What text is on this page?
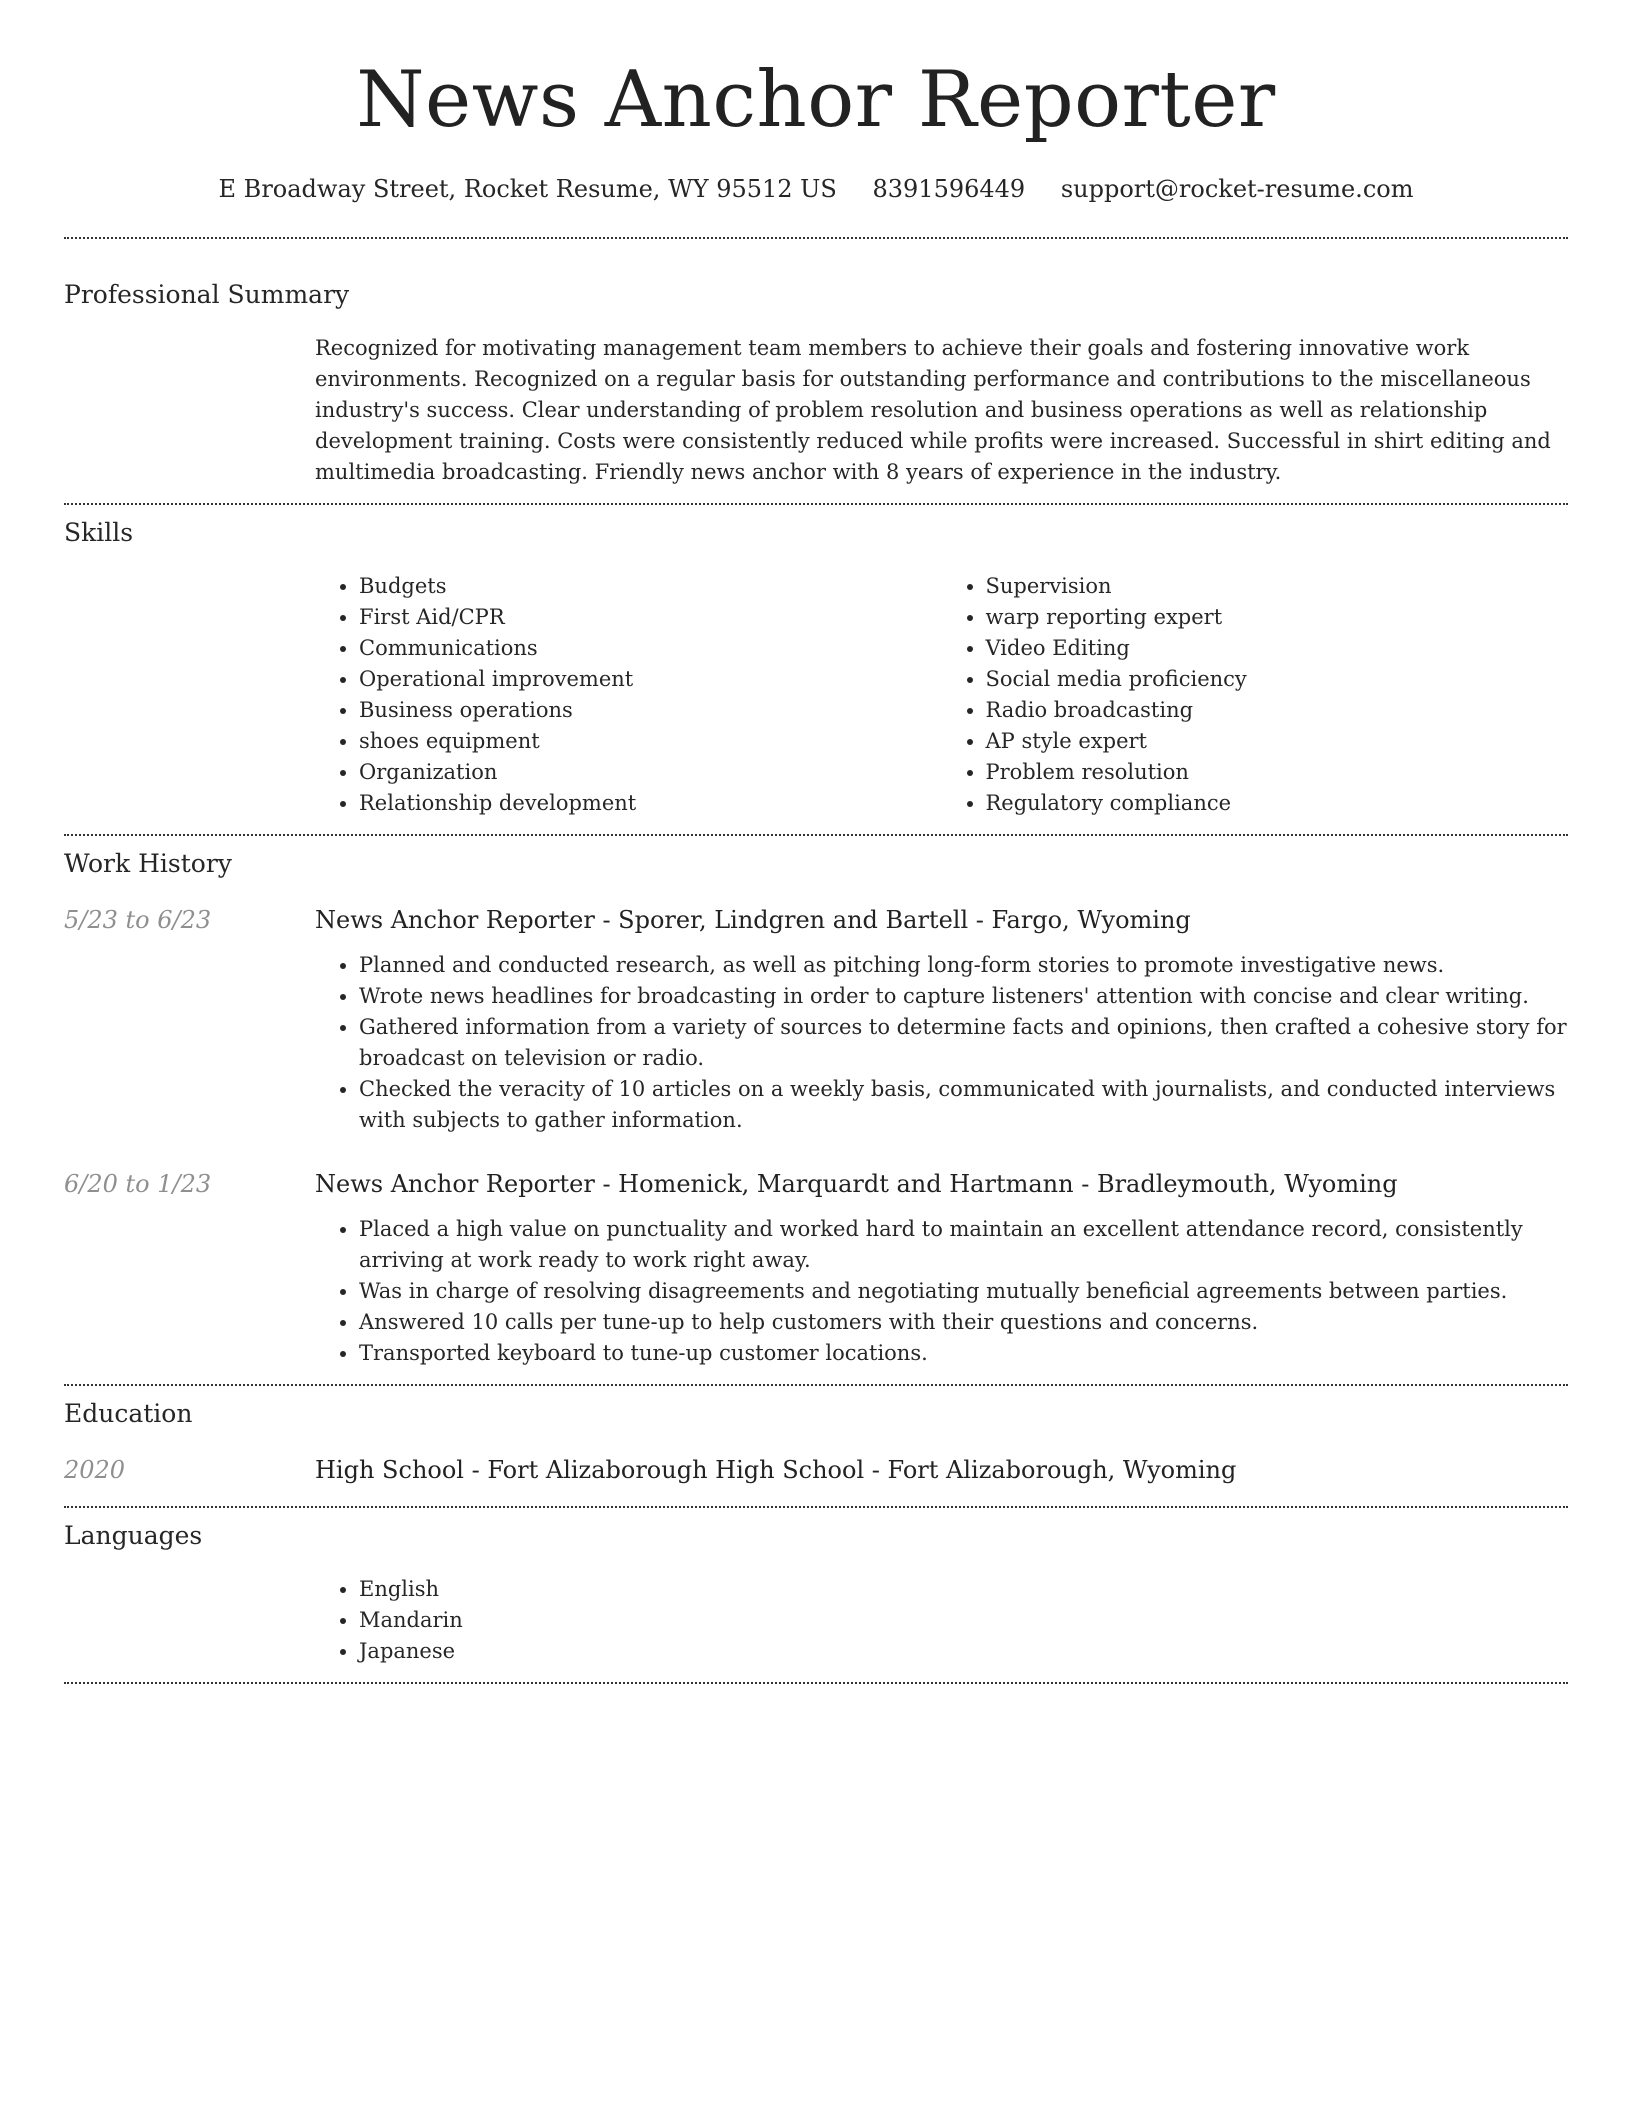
News Anchor Reporter
E Broadway Street, Rocket Resume, WY 95512 US 8391596449 support@rocket-resume.com
Professional Summary

Recognized for motivating management team members to achieve their goals and fostering innovative work environments. Recognized on a regular basis for outstanding performance and contributions to the miscellaneous industry's success. Clear understanding of problem resolution and business operations as well as relationship development training. Costs were consistently reduced while profits were increased. Successful in shirt editing and multimedia broadcasting. Friendly news anchor with 8 years of experience in the industry.

Skills
• Budgets
• First Aid/CPR
• Communications
• Operational improvement
• Business operations
• shoes equipment
• Organization
• Relationship development
• Supervision
• warp reporting expert
• Video Editing
• Social media proficiency
• Radio broadcasting
• AP style expert
• Problem resolution
• Regulatory compliance
Work History
5/23 to 6/23	News Anchor Reporter - Sporer, Lindgren and Bartell - Fargo, Wyoming
• Planned and conducted research, as well as pitching long-form stories to promote investigative news.
• Wrote news headlines for broadcasting in order to capture listeners' attention with concise and clear writing.
• Gathered information from a variety of sources to determine facts and opinions, then crafted a cohesive story for broadcast on television or radio.
• Checked the veracity of 10 articles on a weekly basis, communicated with journalists, and conducted interviews with subjects to gather information.
6/20 to 1/23	News Anchor Reporter - Homenick, Marquardt and Hartmann - Bradleymouth, Wyoming
• Placed a high value on punctuality and worked hard to maintain an excellent attendance record, consistently arriving at work ready to work right away.
• Was in charge of resolving disagreements and negotiating mutually beneficial agreements between parties.
• Answered 10 calls per tune-up to help customers with their questions and concerns.
• Transported keyboard to tune-up customer locations.
Education
2020	High School - Fort Alizaborough High School - Fort Alizaborough, Wyoming
Languages
• English
• Mandarin
• Japanese
